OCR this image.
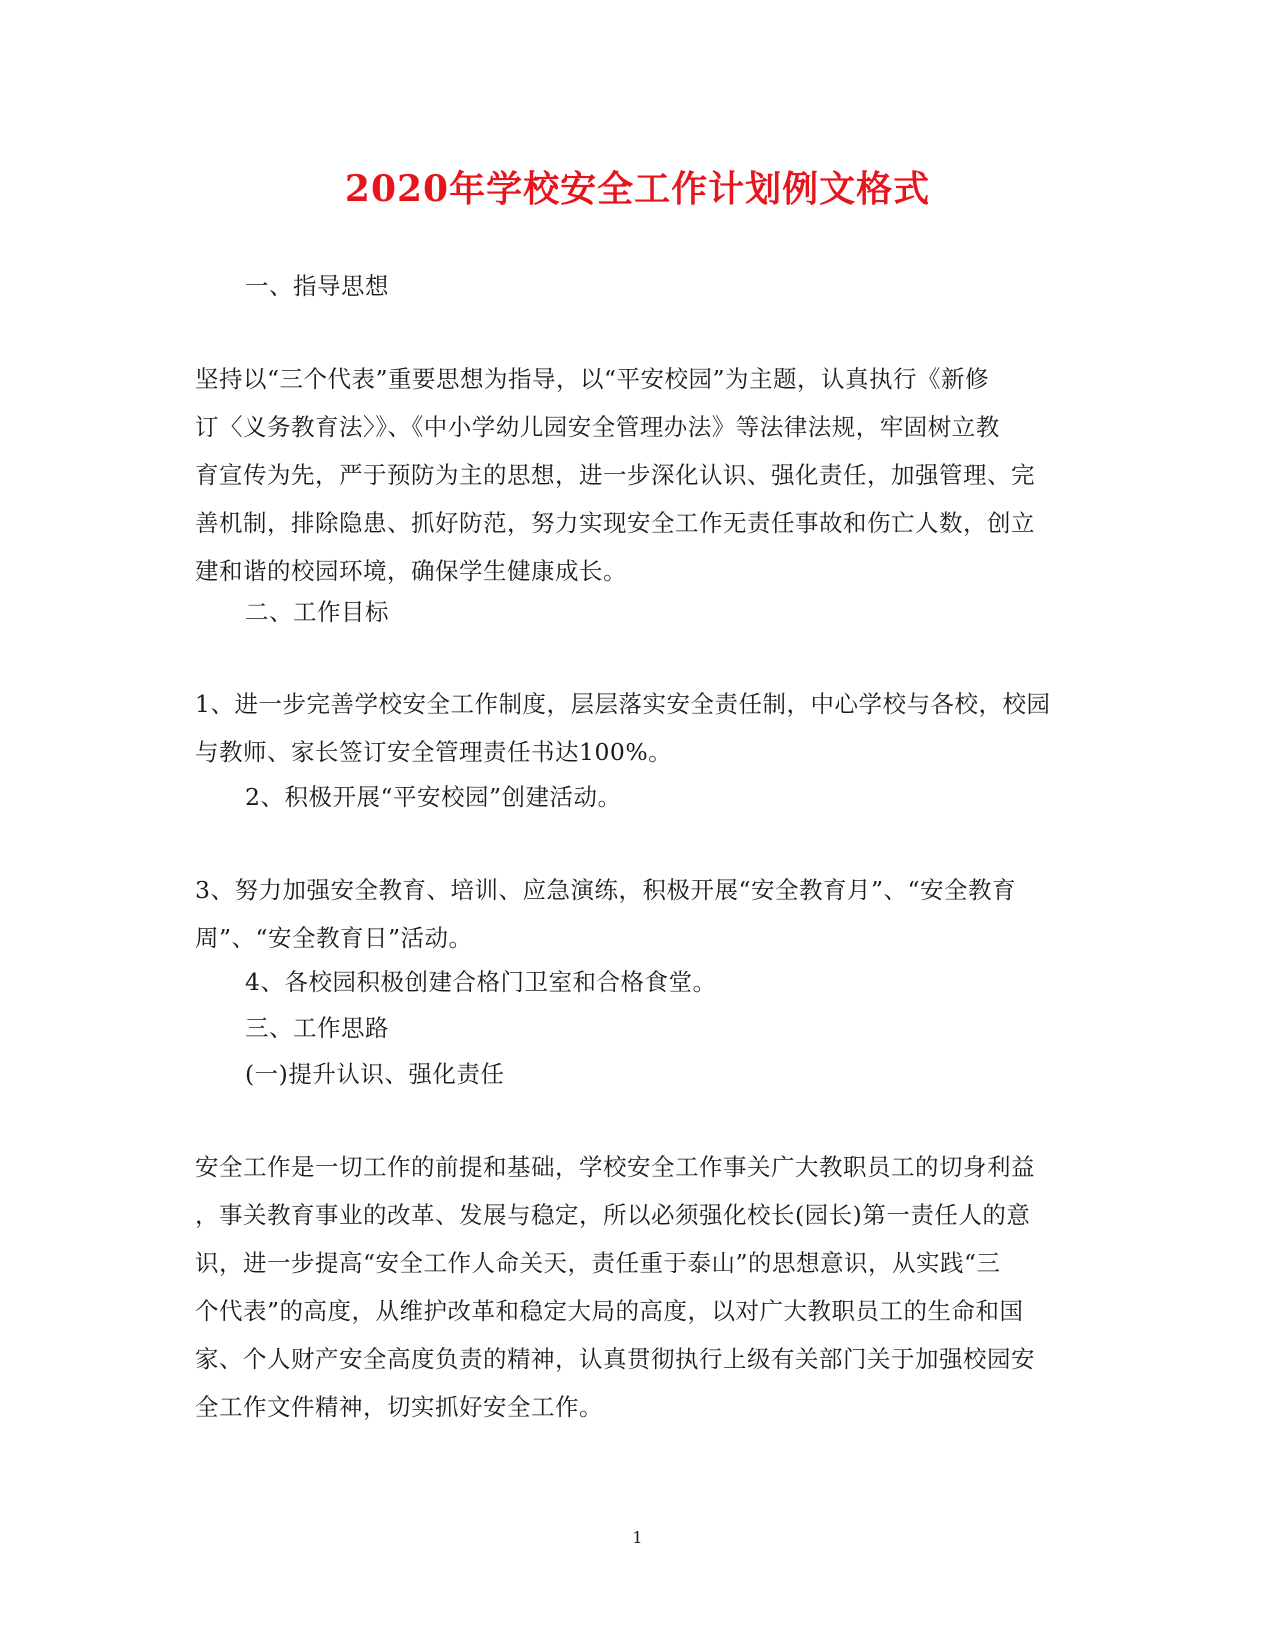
2020年学校安全工作计划例文格式

一、指导思想

坚持以“三个代表”重要思想为指导，以“平安校园”为主题，认真执行《新修
订〈义务教育法〉》、《中小学幼儿园安全管理办法》等法律法规，牢固树立教
育宣传为先，严于预防为主的思想，进一步深化认识、强化责任，加强管理、完
善机制，排除隐患、抓好防范，努力实现安全工作无责任事故和伤亡人数，创立
建和谐的校园环境，确保学生健康成长。

二、工作目标

1、进一步完善学校安全工作制度，层层落实安全责任制，中心学校与各校，校园
与教师、家长签订安全管理责任书达100%。

2、积极开展“平安校园”创建活动。

3、努力加强安全教育、培训、应急演练，积极开展“安全教育月”、“安全教育
周”、“安全教育日”活动。

4、各校园积极创建合格门卫室和合格食堂。

三、工作思路

(一)提升认识、强化责任

安全工作是一切工作的前提和基础，学校安全工作事关广大教职员工的切身利益
，事关教育事业的改革、发展与稳定，所以必须强化校长(园长)第一责任人的意
识，进一步提高“安全工作人命关天，责任重于泰山”的思想意识，从实践“三
个代表”的高度，从维护改革和稳定大局的高度，以对广大教职员工的生命和国
家、个人财产安全高度负责的精神，认真贯彻执行上级有关部门关于加强校园安
全工作文件精神，切实抓好安全工作。
1
